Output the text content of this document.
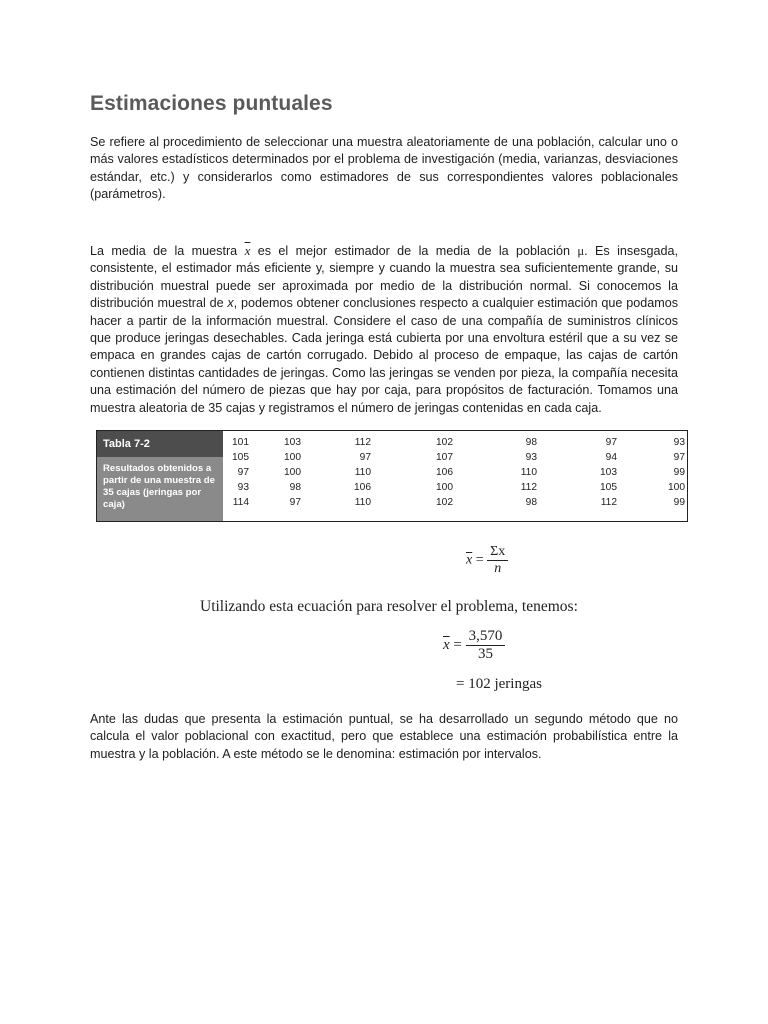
Estimaciones puntuales

Se refiere al procedimiento de seleccionar una muestra aleatoriamente de una población, calcular uno o más valores estadísticos determinados por el problema de investigación (media, varianzas, desviaciones estándar, etc.) y considerarlos como estimadores de sus correspondientes valores poblacionales (parámetros).

La media de la muestra $\overline{x}$ es el mejor estimador de la media de la población μ. Es insesgada, consistente, el estimador más eficiente y, siempre y cuando la muestra sea suficientemente grande, su distribución muestral puede ser aproximada por medio de la distribución normal. Si conocemos la distribución muestral de x, podemos obtener conclusiones respecto a cualquier estimación que podamos hacer a partir de la información muestral. Considere el caso de una compañía de suministros clínicos que produce jeringas desechables. Cada jeringa está cubierta por una envoltura estéril que a su vez se empaca en grandes cajas de cartón corrugado. Debido al proceso de empaque, las cajas de cartón contienen distintas cantidades de jeringas. Como las jeringas se venden por pieza, la compañía necesita una estimación del número de piezas que hay por caja, para propósitos de facturación. Tomamos una muestra aleatoria de 35 cajas y registramos el número de jeringas contenidas en cada caja.

Tabla 7-2
Resultados obtenidos a partir de una muestra de 35 cajas (jeringas por caja)
101	103	112	102	98	97	93
105	100	97	107	93	94	97
97	100	110	106	110	103	99
93	98	106	100	112	105	100
114	97	110	102	98	112	99
$\overline{x} = \frac{\Sigma x}{n}$
Utilizando esta ecuación para resolver el problema, tenemos:
$\overline{x} = \frac{3,570}{35}$
= 102 jeringas

Ante las dudas que presenta la estimación puntual, se ha desarrollado un segundo método que no calcula el valor poblacional con exactitud, pero que establece una estimación probabilística entre la muestra y la población. A este método se le denomina: estimación por intervalos.
